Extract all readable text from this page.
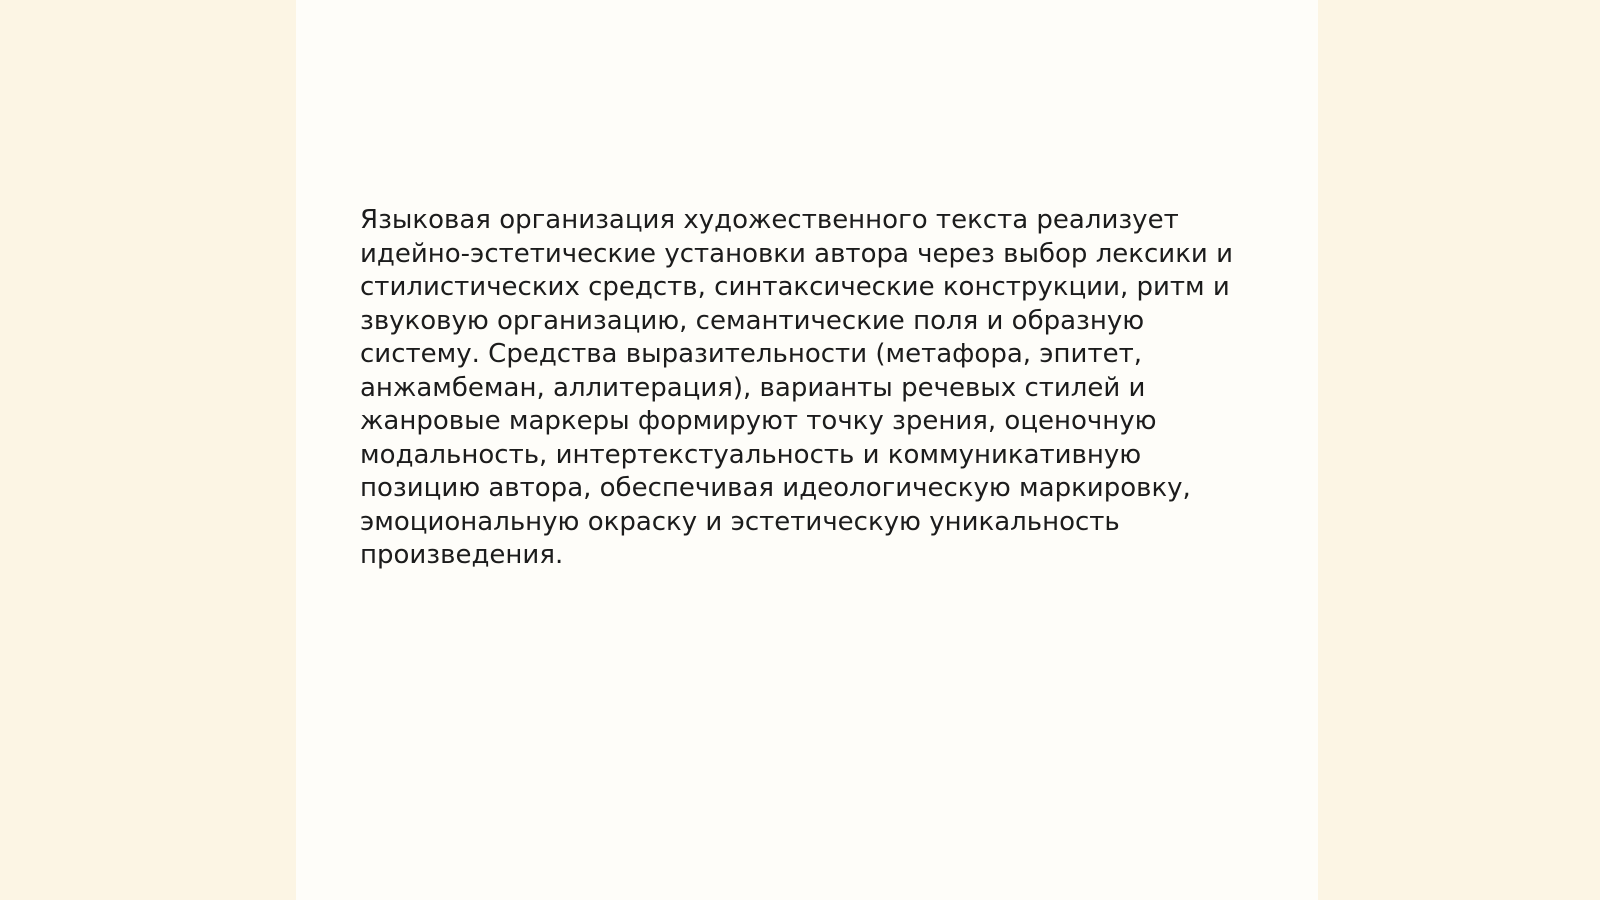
Языковая организация художественного текста реализует
идейно-эстетические установки автора через выбор лексики и
стилистических средств, синтаксические конструкции, ритм и
звуковую организацию, семантические поля и образную
систему. Средства выразительности (метафора, эпитет,
анжамбеман, аллитерация), варианты речевых стилей и
жанровые маркеры формируют точку зрения, оценочную
модальность, интертекстуальность и коммуникативную
позицию автора, обеспечивая идеологическую маркировку,
эмоциональную окраску и эстетическую уникальность
произведения.
